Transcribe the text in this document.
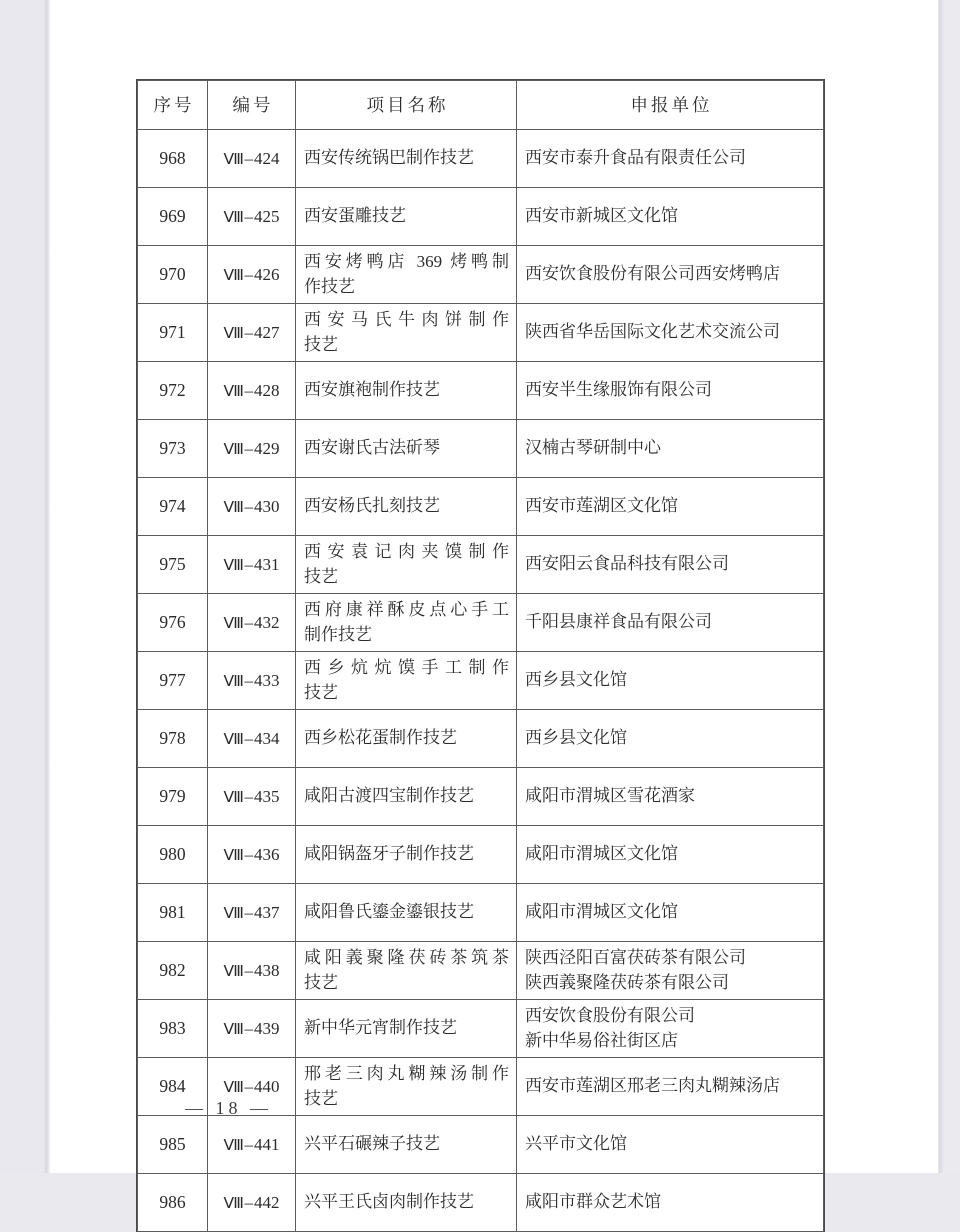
序号	编号	项目名称	申报单位

968	Ⅷ–424	西安传统锅巴制作技艺	西安市泰升食品有限责任公司

969	Ⅷ–425	西安蛋雕技艺	西安市新城区文化馆

970	Ⅷ–426	西安烤鸭店 369 烤鸭制
作技艺	西安饮食股份有限公司西安烤鸭店

971	Ⅷ–427	西安马氏牛肉饼制作
技艺	陕西省华岳国际文化艺术交流公司

972	Ⅷ–428	西安旗袍制作技艺	西安半生缘服饰有限公司

973	Ⅷ–429	西安谢氏古法斫琴	汉楠古琴研制中心

974	Ⅷ–430	西安杨氏扎刻技艺	西安市莲湖区文化馆

975	Ⅷ–431	西安袁记肉夹馍制作
技艺	西安阳云食品科技有限公司

976	Ⅷ–432	西府康祥酥皮点心手工
制作技艺	千阳县康祥食品有限公司

977	Ⅷ–433	西乡炕炕馍手工制作
技艺	西乡县文化馆

978	Ⅷ–434	西乡松花蛋制作技艺	西乡县文化馆

979	Ⅷ–435	咸阳古渡四宝制作技艺	咸阳市渭城区雪花酒家

980	Ⅷ–436	咸阳锅盔牙子制作技艺	咸阳市渭城区文化馆

981	Ⅷ–437	咸阳鲁氏鎏金鎏银技艺	咸阳市渭城区文化馆

982	Ⅷ–438	咸阳義聚隆茯砖茶筑茶
技艺	陕西泾阳百富茯砖茶有限公司
陕西義聚隆茯砖茶有限公司

983	Ⅷ–439	新中华元宵制作技艺	西安饮食股份有限公司
新中华易俗社街区店

984	Ⅷ–440	邢老三肉丸糊辣汤制作
技艺	西安市莲湖区邢老三肉丸糊辣汤店

985	Ⅷ–441	兴平石碾辣子技艺	兴平市文化馆

986	Ⅷ–442	兴平王氏卤肉制作技艺	咸阳市群众艺术馆
— 18 —
